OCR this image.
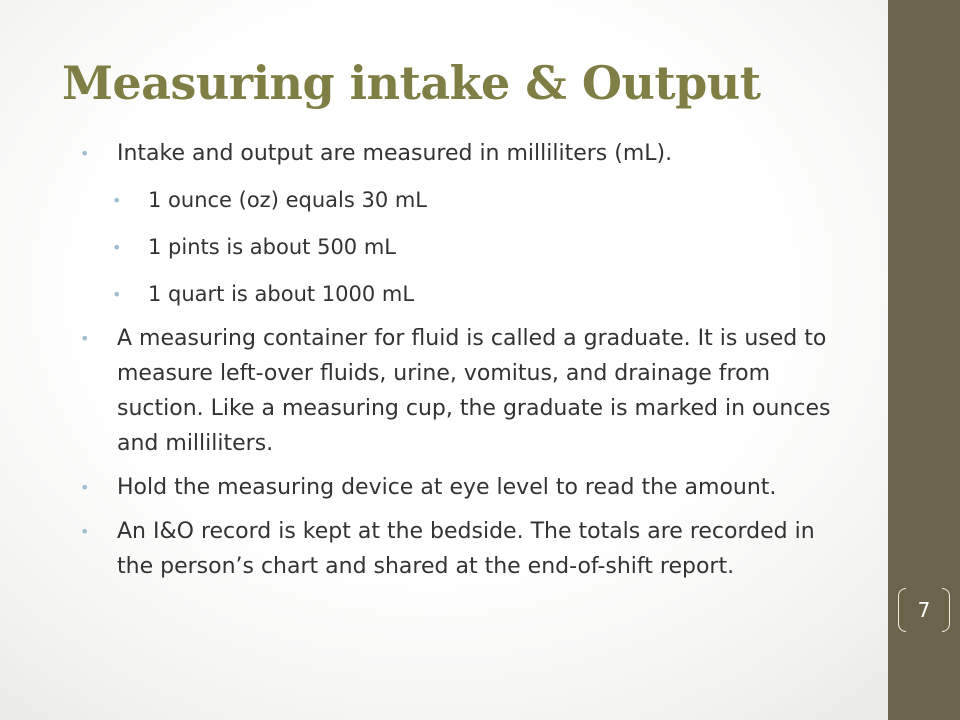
Measuring intake & Output
• Intake and output are measured in milliliters (mL).
• 1 ounce (oz) equals 30 mL
• 1 pints is about 500 mL
• 1 quart is about 1000 mL
• A measuring container for fluid is called a graduate. It is used to measure left-over fluids, urine, vomitus, and drainage from suction. Like a measuring cup, the graduate is marked in ounces and milliliters.
• Hold the measuring device at eye level to read the amount.
• An I&O record is kept at the bedside. The totals are recorded in the person’s chart and shared at the end-of-shift report.
7
